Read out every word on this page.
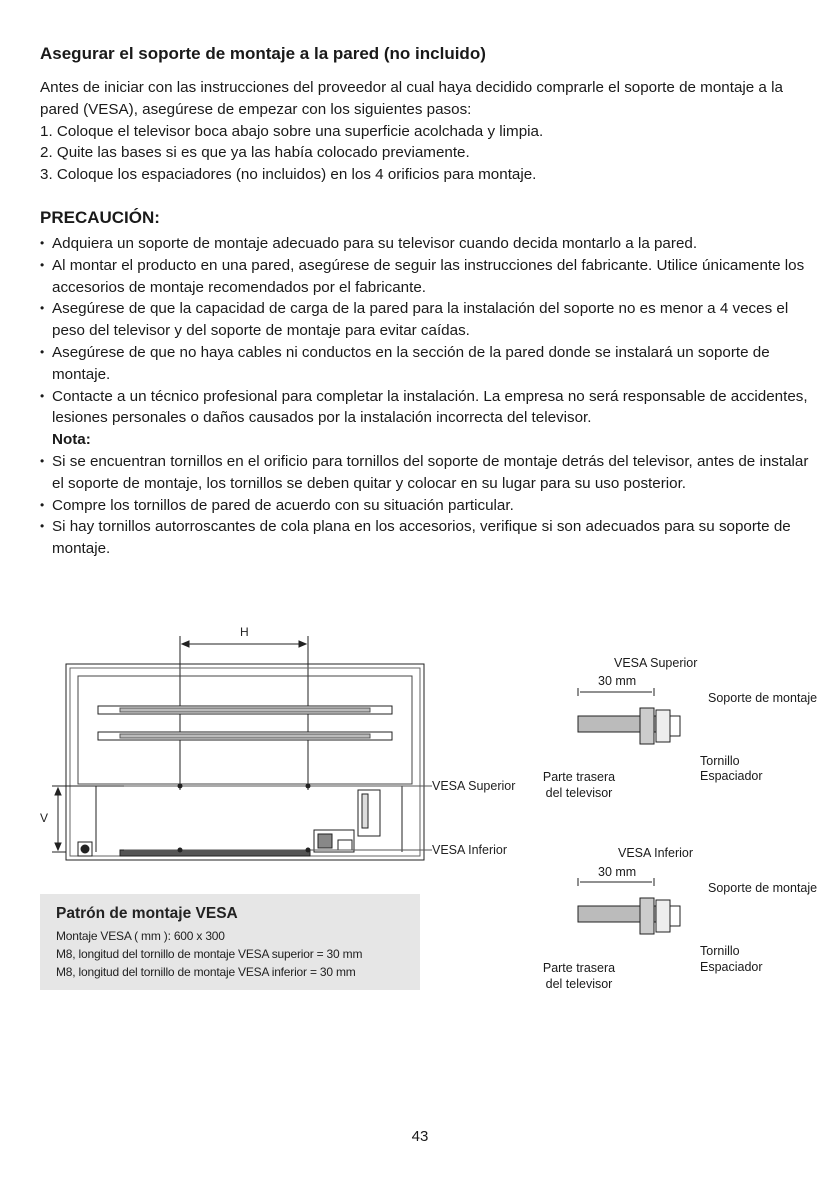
Asegurar el soporte de montaje a la pared (no incluido)

Antes de iniciar con las instrucciones del proveedor al cual haya decidido comprarle el soporte de montaje a la pared (VESA), asegúrese de empezar con los siguientes pasos:

1. Coloque el televisor boca abajo sobre una superficie acolchada y limpia.
2. Quite las bases si es que ya las había colocado previamente.
3. Coloque los espaciadores (no incluidos) en los 4 orificios para montaje.
PRECAUCIÓN:
• Adquiera un soporte de montaje adecuado para su televisor cuando decida montarlo a la pared.
• Al montar el producto en una pared, asegúrese de seguir las instrucciones del fabricante. Utilice únicamente los accesorios de montaje recomendados por el fabricante.
• Asegúrese de que la capacidad de carga de la pared para la instalación del soporte no es menor a 4 veces el peso del televisor y del soporte de montaje para evitar caídas.
• Asegúrese de que no haya cables ni conductos en la sección de la pared donde se instalará un soporte de montaje.
• Contacte a un técnico profesional para completar la instalación. La empresa no será responsable de accidentes, lesiones personales o daños causados por la instalación incorrecta del televisor.
Nota:
• Si se encuentran tornillos en el orificio para tornillos del soporte de montaje detrás del televisor, antes de instalar el soporte de montaje, los tornillos se deben quitar y colocar en su lugar para su uso posterior.
• Compre los tornillos de pared de acuerdo con su situación particular.
• Si hay tornillos autorroscantes de cola plana en los accesorios, verifique si son adecuados para su soporte de montaje.
H
V
VESA Superior
VESA Inferior
VESA Superior
30 mm
Soporte de montaje
Tornillo
Espaciador
Parte trasera del televisor
VESA Inferior
30 mm
Soporte de montaje
Tornillo
Espaciador
Parte trasera del televisor
Patrón de montaje VESA
Montaje VESA ( mm ): 600 x 300
M8, longitud del tornillo de montaje VESA superior = 30 mm
M8, longitud del tornillo de montaje VESA inferior = 30 mm
43
